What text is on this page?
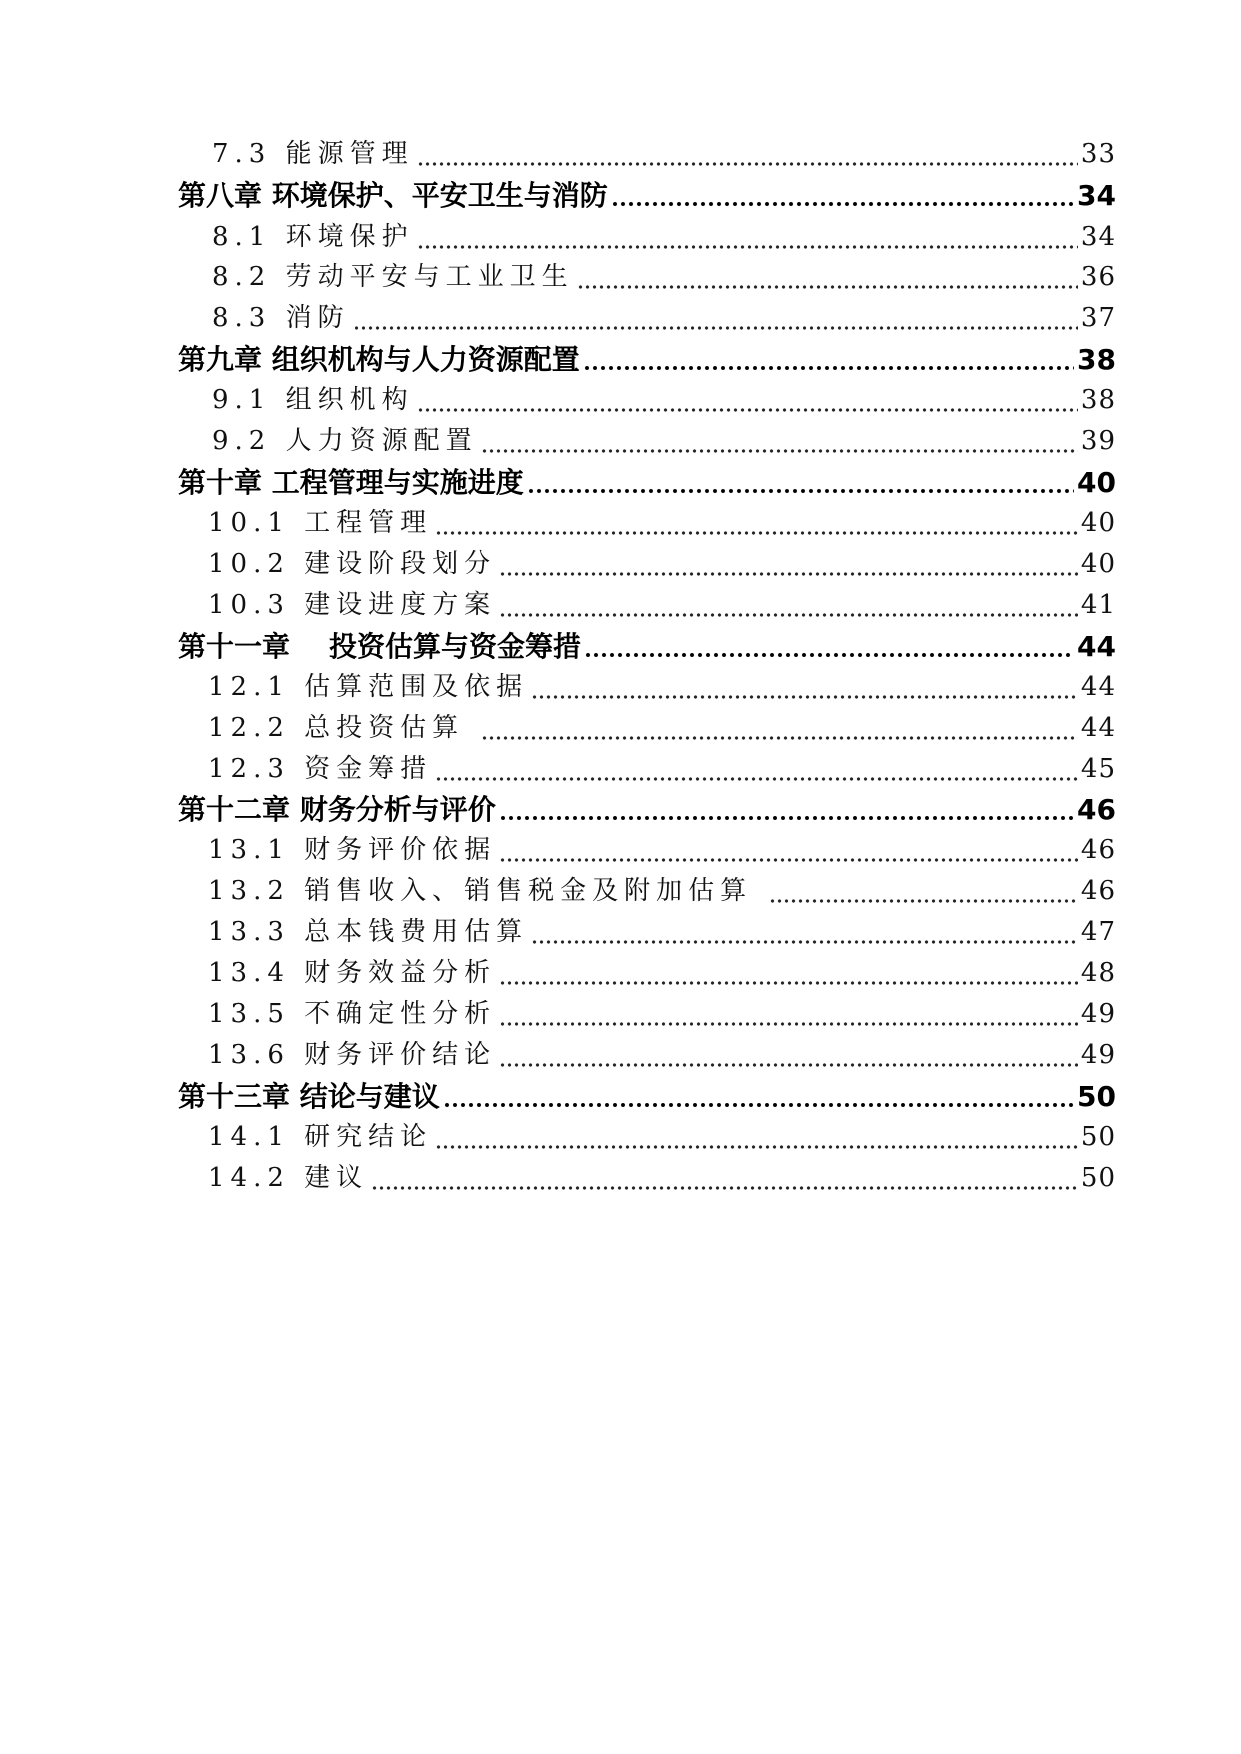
7.3 能源管理	33
第八章 环境保护、平安卫生与消防	34
8.1 环境保护	34
8.2 劳动平安与工业卫生	36
8.3 消防	37
第九章 组织机构与人力资源配置	38
9.1 组织机构	38
9.2 人力资源配置	39
第十章 工程管理与实施进度	40
10.1 工程管理	40
10.2 建设阶段划分	40
10.3 建设进度方案	41
第十一章    投资估算与资金筹措	44
12.1 估算范围及依据	44
12.2 总投资估算	44
12.3 资金筹措	45
第十二章 财务分析与评价	46
13.1 财务评价依据	46
13.2 销售收入、销售税金及附加估算	46
13.3 总本钱费用估算	47
13.4 财务效益分析	48
13.5 不确定性分析	49
13.6 财务评价结论	49
第十三章 结论与建议	50
14.1 研究结论	50
14.2 建议	50
